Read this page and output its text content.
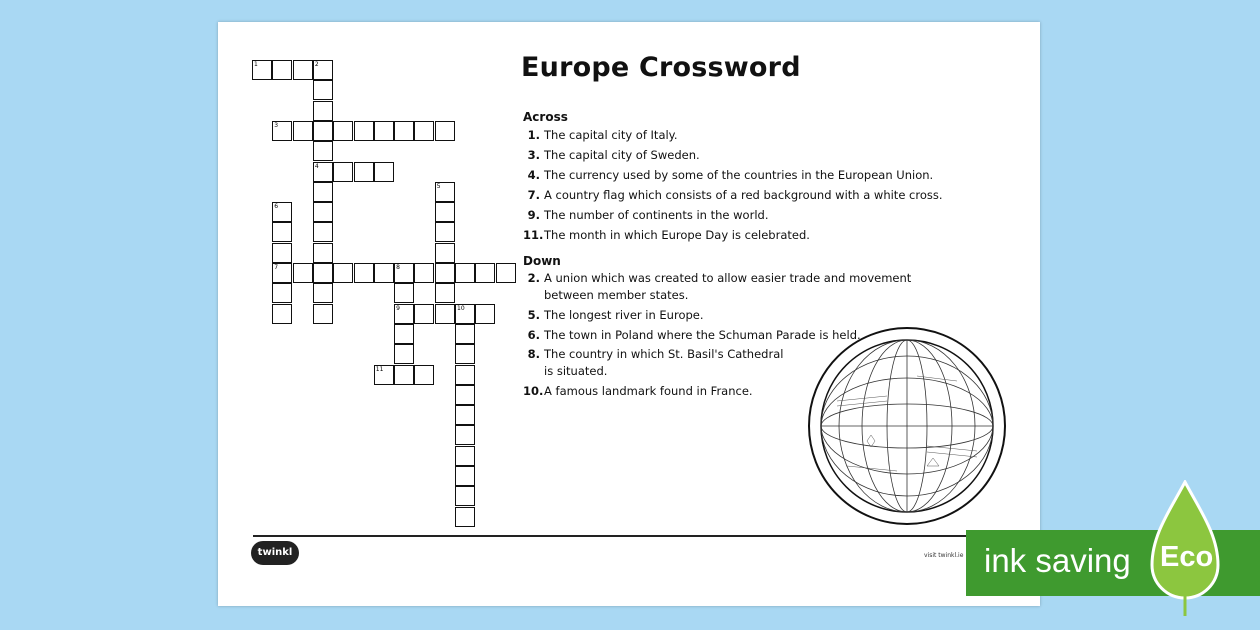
1	2
3
4
5
6
7	8
9	10
11
Europe Crossword
Across
1. The capital city of Italy.
3. The capital city of Sweden.
4. The currency used by some of the countries in the European Union.
7. A country flag which consists of a red background with a white cross.
9. The number of continents in the world.
11. The month in which Europe Day is celebrated.
Down
2. A union which was created to allow easier trade and movement between member states.
5. The longest river in Europe.
6. The town in Poland where the Schuman Parade is held.
8. The country in which St. Basil's Cathedral is situated.
10. A famous landmark found in France.
twinkl	visit twinkl.ie ink saving Eco
